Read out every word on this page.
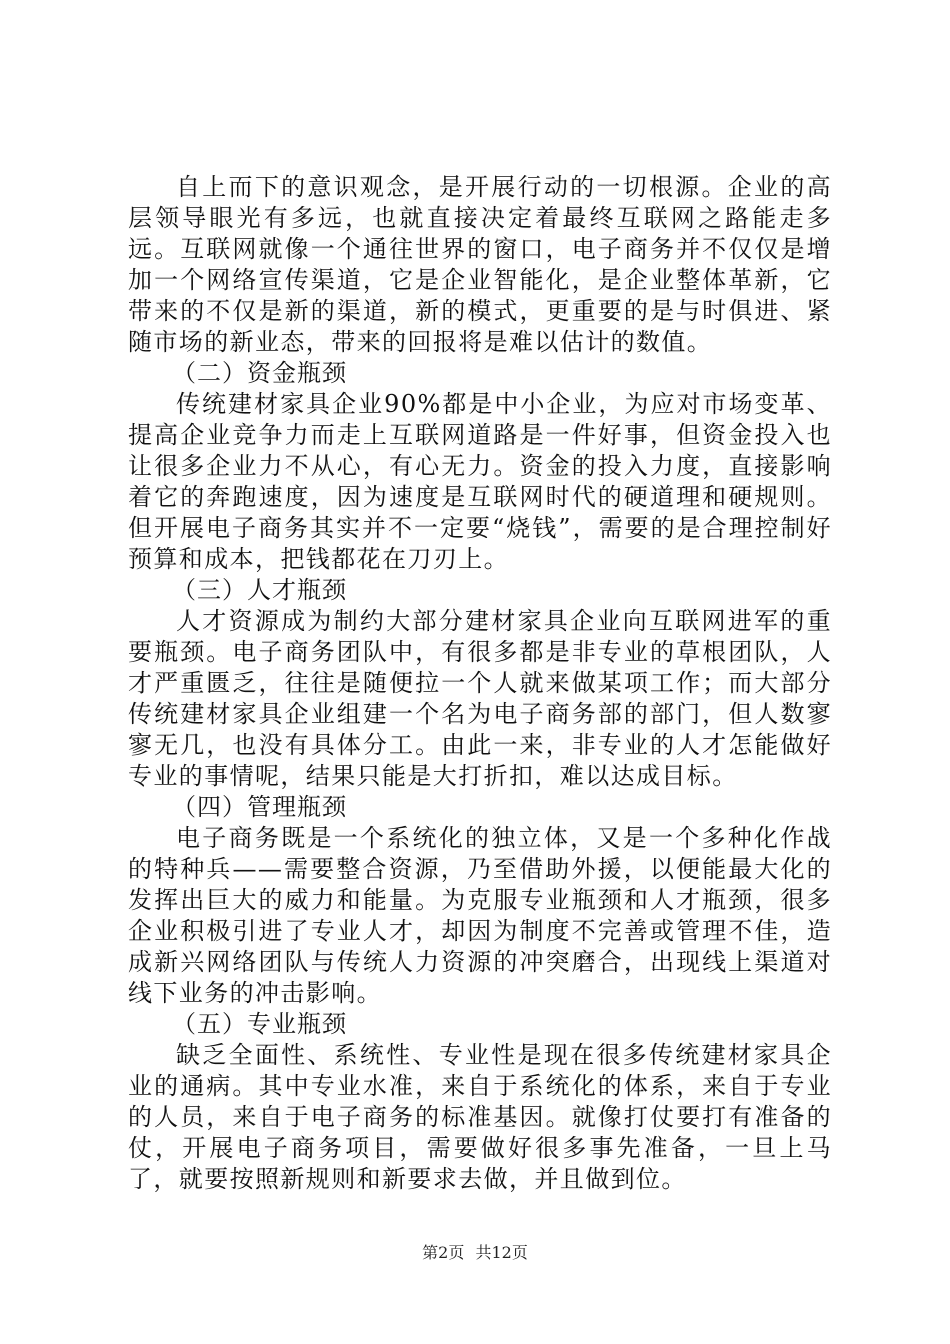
自上而下的意识观念，是开展行动的一切根源。企业的高层领导眼光有多远，也就直接决定着最终互联网之路能走多远。互联网就像一个通往世界的窗口，电子商务并不仅仅是增加一个网络宣传渠道，它是企业智能化，是企业整体革新，它带来的不仅是新的渠道，新的模式，更重要的是与时俱进、紧随市场的新业态，带来的回报将是难以估计的数值。

（二）资金瓶颈

传统建材家具企业90%都是中小企业，为应对市场变革、提高企业竞争力而走上互联网道路是一件好事，但资金投入也让很多企业力不从心，有心无力。资金的投入力度，直接影响着它的奔跑速度，因为速度是互联网时代的硬道理和硬规则。但开展电子商务其实并不一定要“烧钱”，需要的是合理控制好预算和成本，把钱都花在刀刃上。

（三）人才瓶颈

人才资源成为制约大部分建材家具企业向互联网进军的重要瓶颈。电子商务团队中，有很多都是非专业的草根团队，人才严重匮乏，往往是随便拉一个人就来做某项工作；而大部分传统建材家具企业组建一个名为电子商务部的部门，但人数寥寥无几，也没有具体分工。由此一来，非专业的人才怎能做好专业的事情呢，结果只能是大打折扣，难以达成目标。

（四）管理瓶颈

电子商务既是一个系统化的独立体，又是一个多种化作战的特种兵——需要整合资源，乃至借助外援，以便能最大化的发挥出巨大的威力和能量。为克服专业瓶颈和人才瓶颈，很多企业积极引进了专业人才，却因为制度不完善或管理不佳，造成新兴网络团队与传统人力资源的冲突磨合，出现线上渠道对线下业务的冲击影响。

（五）专业瓶颈

缺乏全面性、系统性、专业性是现在很多传统建材家具企业的通病。其中专业水准，来自于系统化的体系，来自于专业的人员，来自于电子商务的标准基因。就像打仗要打有准备的仗，开展电子商务项目，需要做好很多事先准备，一旦上马了，就要按照新规则和新要求去做，并且做到位。

第2页 共12页
